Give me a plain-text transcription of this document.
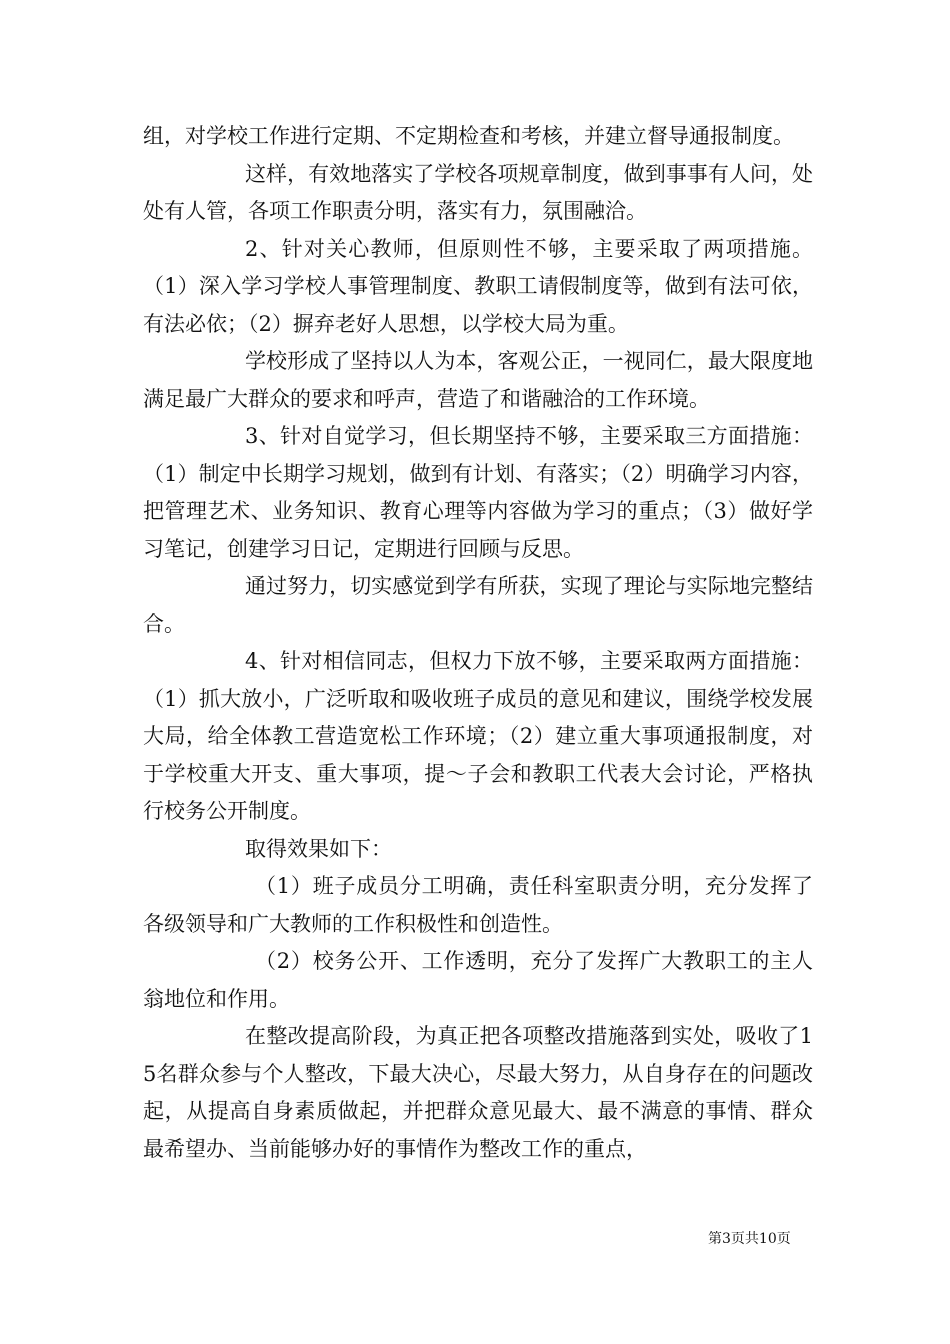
组，对学校工作进行定期、不定期检查和考核，并建立督导通报制度。

这样，有效地落实了学校各项规章制度，做到事事有人问，处处有人管，各项工作职责分明，落实有力，氛围融洽。

2、针对关心教师，但原则性不够，主要采取了两项措施。（1）深入学习学校人事管理制度、教职工请假制度等，做到有法可依，有法必依；（2）摒弃老好人思想，以学校大局为重。

学校形成了坚持以人为本，客观公正，一视同仁，最大限度地满足最广大群众的要求和呼声，营造了和谐融洽的工作环境。

3、针对自觉学习，但长期坚持不够，主要采取三方面措施：（1）制定中长期学习规划，做到有计划、有落实；（2）明确学习内容，把管理艺术、业务知识、教育心理等内容做为学习的重点；（3）做好学习笔记，创建学习日记，定期进行回顾与反思。

通过努力，切实感觉到学有所获，实现了理论与实际地完整结合。

4、针对相信同志，但权力下放不够，主要采取两方面措施：（1）抓大放小，广泛听取和吸收班子成员的意见和建议，围绕学校发展大局，给全体教工营造宽松工作环境；（2）建立重大事项通报制度，对于学校重大开支、重大事项，提～子会和教职工代表大会讨论，严格执行校务公开制度。

取得效果如下：

（1）班子成员分工明确，责任科室职责分明，充分发挥了各级领导和广大教师的工作积极性和创造性。

（2）校务公开、工作透明，充分了发挥广大教职工的主人翁地位和作用。

在整改提高阶段，为真正把各项整改措施落到实处，吸收了15名群众参与个人整改，下最大决心，尽最大努力，从自身存在的问题改起，从提高自身素质做起，并把群众意见最大、最不满意的事情、群众最希望办、当前能够办好的事情作为整改工作的重点，

第3页共10页
